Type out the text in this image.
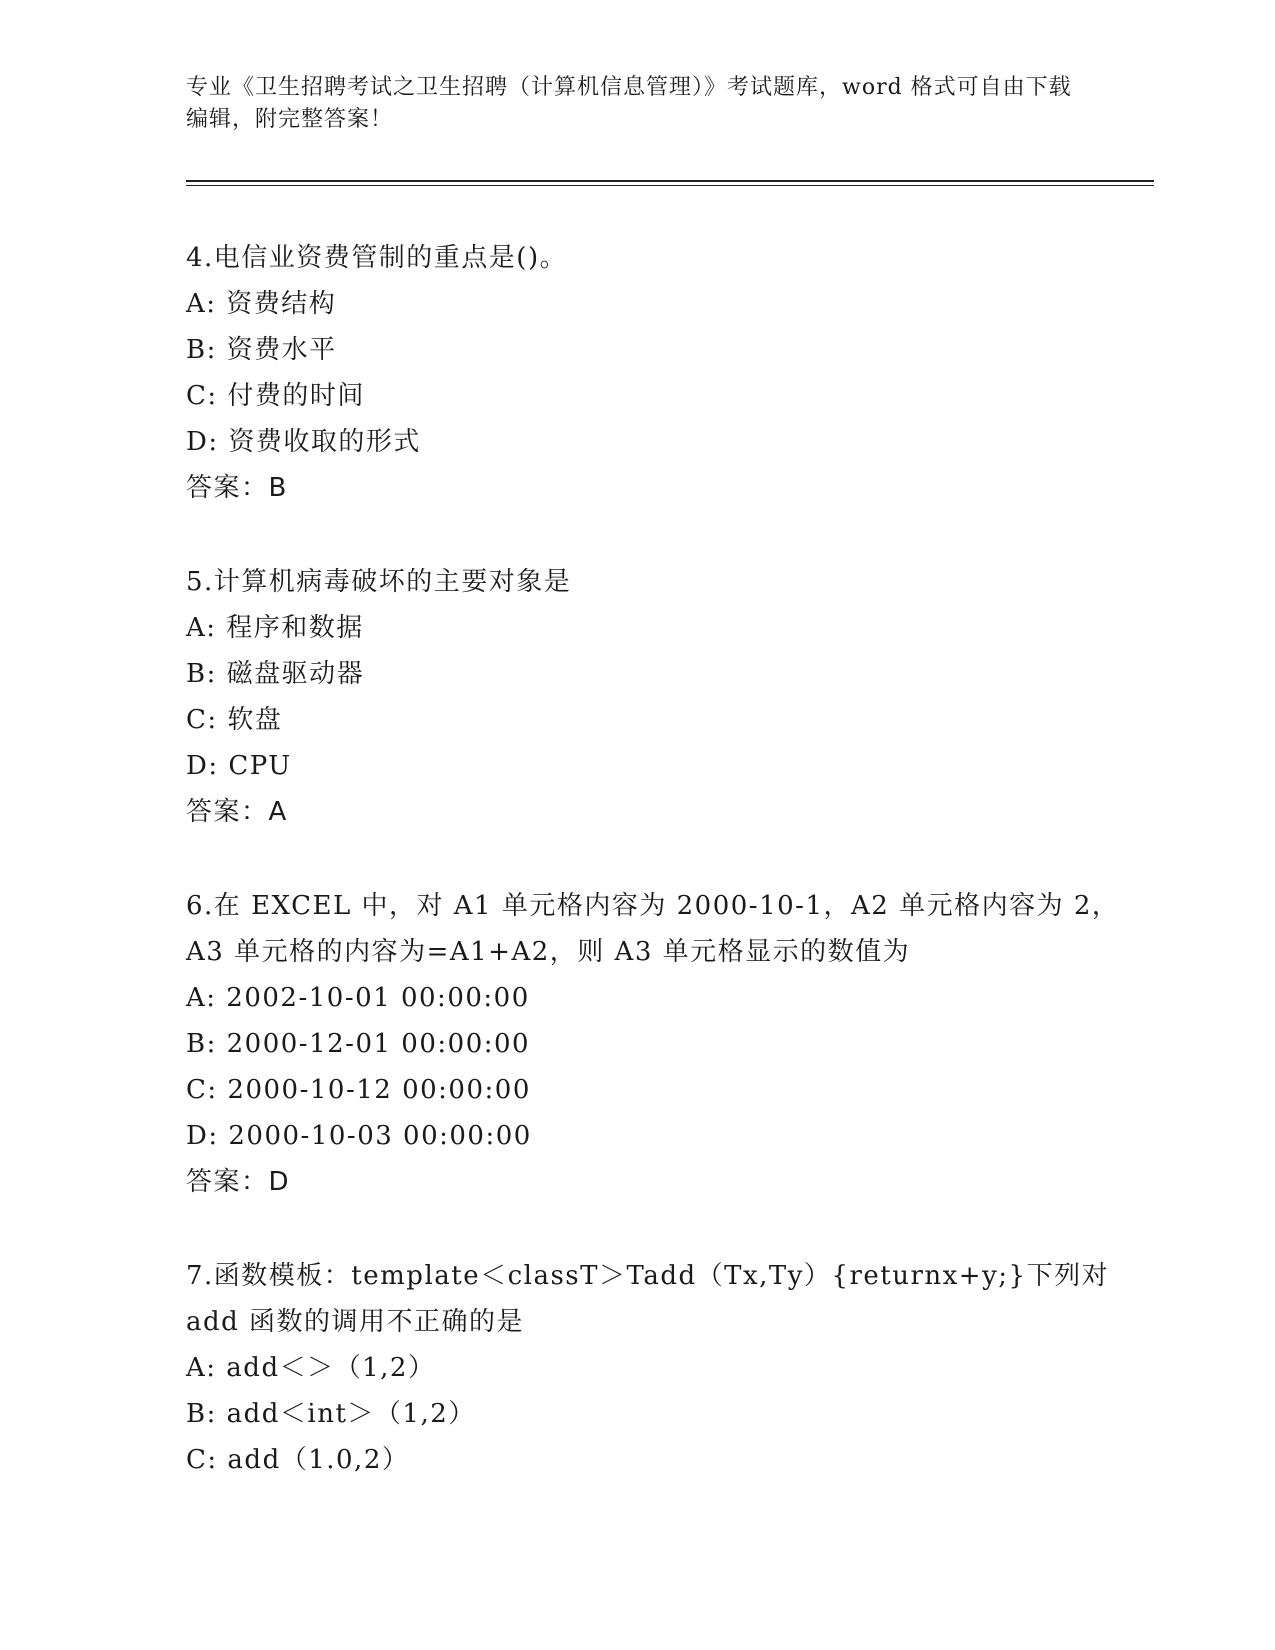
专业《卫生招聘考试之卫生招聘（计算机信息管理）》考试题库，word 格式可自由下载编辑，附完整答案！
4.电信业资费管制的重点是()。
A: 资费结构
B: 资费水平
C: 付费的时间
D: 资费收取的形式
答案：B
5.计算机病毒破坏的主要对象是
A: 程序和数据
B: 磁盘驱动器
C: 软盘
D: CPU
答案：A
6.在 EXCEL 中，对 A1 单元格内容为 2000-10-1，A2 单元格内容为 2，A3 单元格的内容为=A1+A2，则 A3 单元格显示的数值为
A: 2002-10-01 00:00:00
B: 2000-12-01 00:00:00
C: 2000-10-12 00:00:00
D: 2000-10-03 00:00:00
答案：D
7.函数模板：template＜classT＞Tadd（Tx,Ty）{returnx+y;}下列对 add 函数的调用不正确的是
A: add＜＞（1,2）
B: add＜int＞（1,2）
C: add（1.0,2）
